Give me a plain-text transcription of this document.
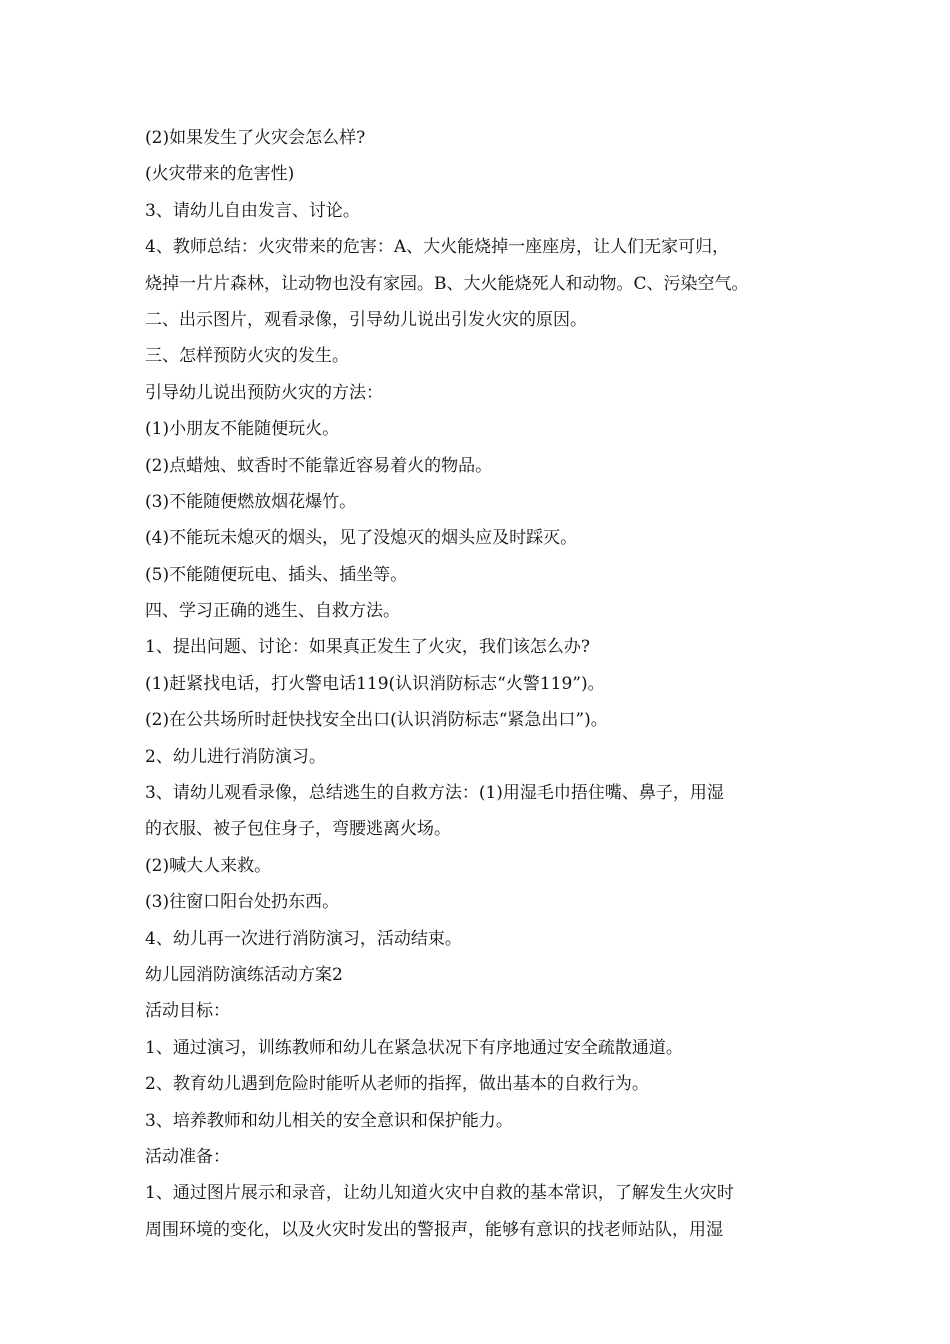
(2)如果发生了火灾会怎么样?
(火灾带来的危害性)
3、请幼儿自由发言、讨论。
4、教师总结：火灾带来的危害：A、大火能烧掉一座座房，让人们无家可归，
烧掉一片片森林，让动物也没有家园。B、大火能烧死人和动物。C、污染空气。
二、出示图片，观看录像，引导幼儿说出引发火灾的原因。
三、怎样预防火灾的发生。
引导幼儿说出预防火灾的方法：
(1)小朋友不能随便玩火。
(2)点蜡烛、蚊香时不能靠近容易着火的物品。
(3)不能随便燃放烟花爆竹。
(4)不能玩未熄灭的烟头，见了没熄灭的烟头应及时踩灭。
(5)不能随便玩电、插头、插坐等。
四、学习正确的逃生、自救方法。
1、提出问题、讨论：如果真正发生了火灾，我们该怎么办?
(1)赶紧找电话，打火警电话119(认识消防标志“火警119”)。
(2)在公共场所时赶快找安全出口(认识消防标志“紧急出口”)。
2、幼儿进行消防演习。
3、请幼儿观看录像，总结逃生的自救方法：(1)用湿毛巾捂住嘴、鼻子，用湿
的衣服、被子包住身子，弯腰逃离火场。
(2)喊大人来救。
(3)往窗口阳台处扔东西。
4、幼儿再一次进行消防演习，活动结束。
幼儿园消防演练活动方案2
活动目标：
1、通过演习，训练教师和幼儿在紧急状况下有序地通过安全疏散通道。
2、教育幼儿遇到危险时能听从老师的指挥，做出基本的自救行为。
3、培养教师和幼儿相关的安全意识和保护能力。
活动准备：
1、通过图片展示和录音，让幼儿知道火灾中自救的基本常识，了解发生火灾时
周围环境的变化，以及火灾时发出的警报声，能够有意识的找老师站队，用湿
